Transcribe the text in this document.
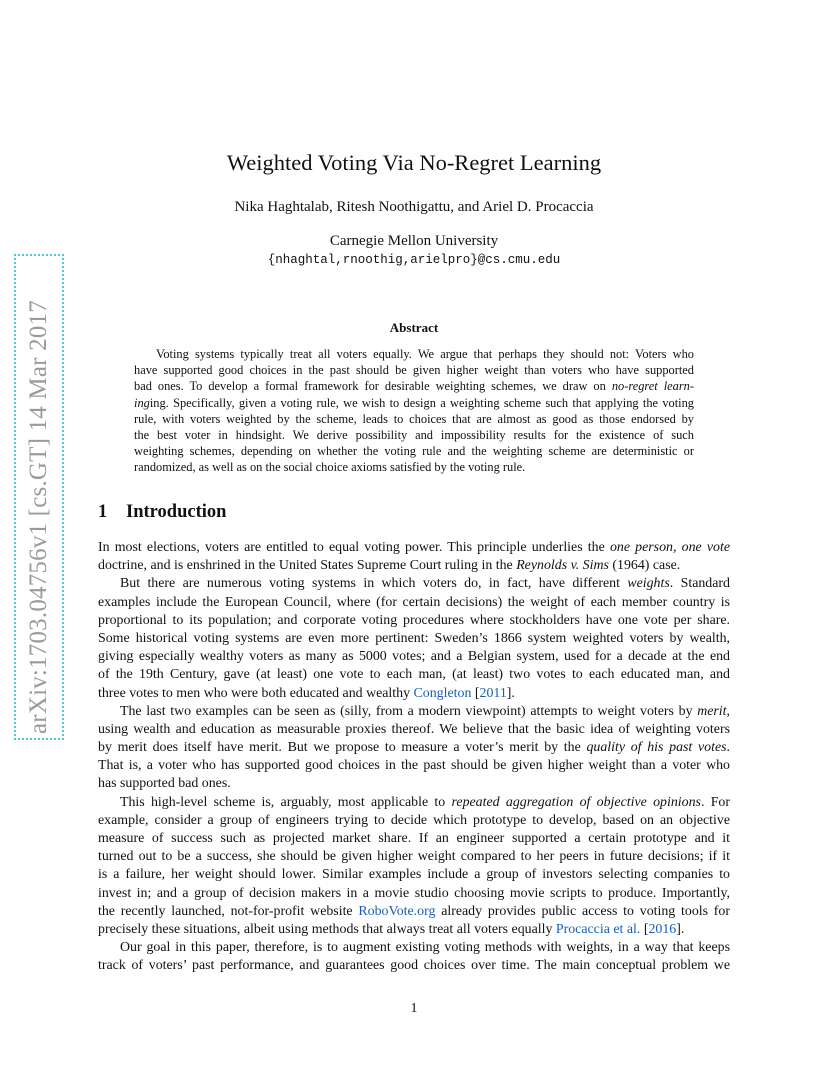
arXiv:1703.04756v1 [cs.GT] 14 Mar 2017
Weighted Voting Via No-Regret Learning
Nika Haghtalab, Ritesh Noothigattu, and Ariel D. Procaccia
Carnegie Mellon University
{nhaghtal,rnoothig,arielpro}@cs.cmu.edu
Abstract
Voting systems typically treat all voters equally. We argue that perhaps they should not: Voters who
have supported good choices in the past should be given higher weight than voters who have supported
bad ones. To develop a formal framework for desirable weighting schemes, we draw on no-regret learn-
inging. Specifically, given a voting rule, we wish to design a weighting scheme such that applying the voting
rule, with voters weighted by the scheme, leads to choices that are almost as good as those endorsed by
the best voter in hindsight. We derive possibility and impossibility results for the existence of such
weighting schemes, depending on whether the voting rule and the weighting scheme are deterministic or
randomized, as well as on the social choice axioms satisfied by the voting rule.
1 Introduction
In most elections, voters are entitled to equal voting power. This principle underlies the one person, one vote
doctrine, and is enshrined in the United States Supreme Court ruling in the Reynolds v. Sims (1964) case.
But there are numerous voting systems in which voters do, in fact, have different weights. Standard
examples include the European Council, where (for certain decisions) the weight of each member country is
proportional to its population; and corporate voting procedures where stockholders have one vote per share.
Some historical voting systems are even more pertinent: Sweden’s 1866 system weighted voters by wealth,
giving especially wealthy voters as many as 5000 votes; and a Belgian system, used for a decade at the end
of the 19th Century, gave (at least) one vote to each man, (at least) two votes to each educated man, and
three votes to men who were both educated and wealthy Congleton [2011].
The last two examples can be seen as (silly, from a modern viewpoint) attempts to weight voters by merit,
using wealth and education as measurable proxies thereof. We believe that the basic idea of weighting voters
by merit does itself have merit. But we propose to measure a voter’s merit by the quality of his past votes.
That is, a voter who has supported good choices in the past should be given higher weight than a voter who
has supported bad ones.
This high-level scheme is, arguably, most applicable to repeated aggregation of objective opinions. For
example, consider a group of engineers trying to decide which prototype to develop, based on an objective
measure of success such as projected market share. If an engineer supported a certain prototype and it
turned out to be a success, she should be given higher weight compared to her peers in future decisions; if it
is a failure, her weight should lower. Similar examples include a group of investors selecting companies to
invest in; and a group of decision makers in a movie studio choosing movie scripts to produce. Importantly,
the recently launched, not-for-profit website RoboVote.org already provides public access to voting tools for
precisely these situations, albeit using methods that always treat all voters equally Procaccia et al. [2016].
Our goal in this paper, therefore, is to augment existing voting methods with weights, in a way that keeps
track of voters’ past performance, and guarantees good choices over time. The main conceptual problem we
1
